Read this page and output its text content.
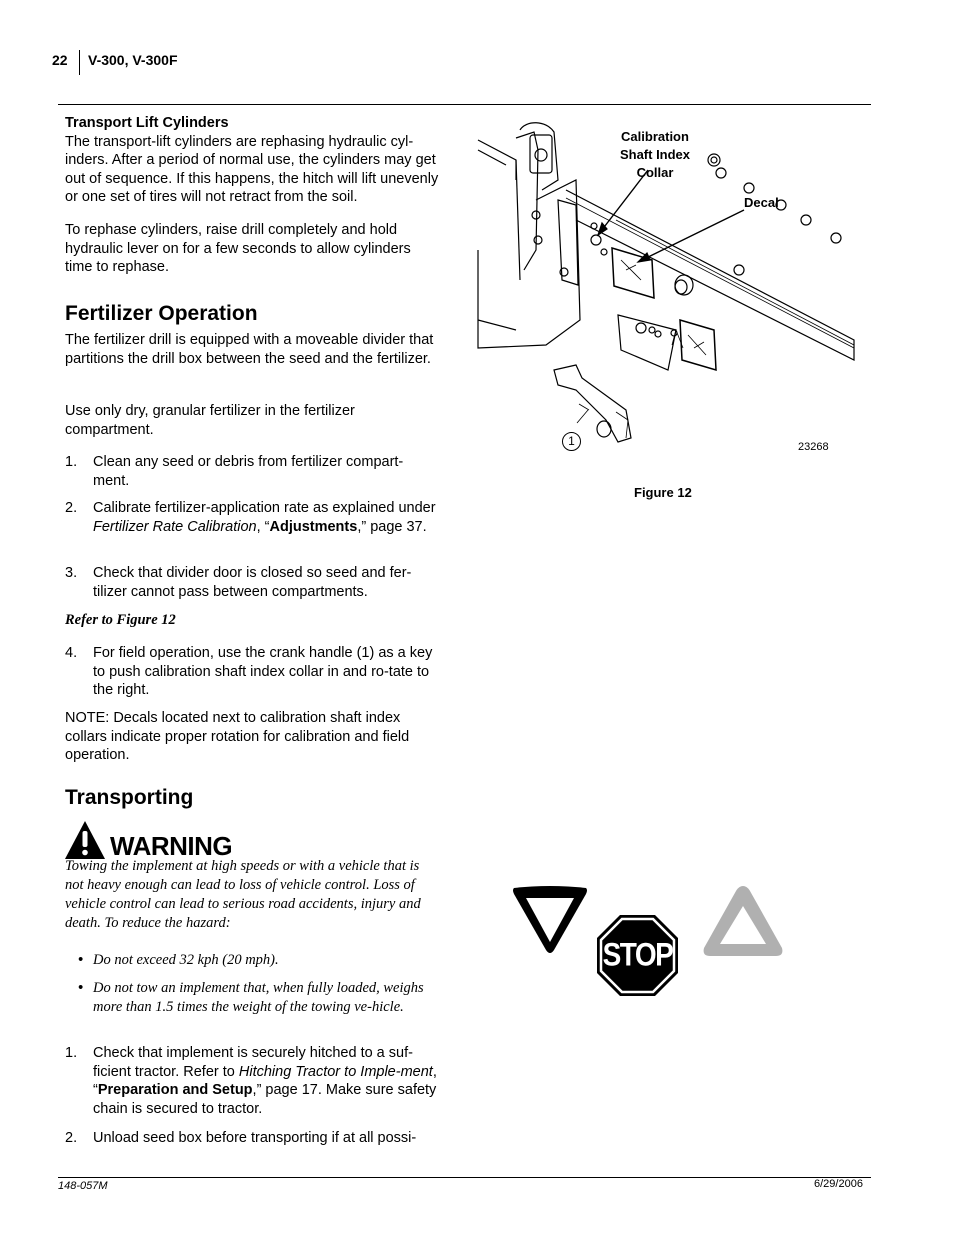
22 V-300, V-300F
Transport Lift Cylinders
The transport-lift cylinders are rephasing hydraulic cyl-inders. After a period of normal use, the cylinders may get out of sequence. If this happens, the hitch will lift unevenly or one set of tires will not retract from the soil.
To rephase cylinders, raise drill completely and hold hydraulic lever on for a few seconds to allow cylinders time to rephase.
Fertilizer Operation
The fertilizer drill is equipped with a moveable divider that partitions the drill box between the seed and the fertilizer.
Use only dry, granular fertilizer in the fertilizer compartment.
1. Clean any seed or debris from fertilizer compart-ment.
2. Calibrate fertilizer-application rate as explained under Fertilizer Rate Calibration, “Adjustments,” page 37.
3. Check that divider door is closed so seed and fer-tilizer cannot pass between compartments.
Refer to Figure 12
4. For field operation, use the crank handle (1) as a key to push calibration shaft index collar in and ro-tate to the right.
NOTE: Decals located next to calibration shaft index collars indicate proper rotation for calibration and field operation.
Transporting
WARNING
Towing the implement at high speeds or with a vehicle that is not heavy enough can lead to loss of vehicle control. Loss of vehicle control can lead to serious road accidents, injury and death. To reduce the hazard:
• Do not exceed 32 kph (20 mph).
• Do not tow an implement that, when fully loaded, weighs more than 1.5 times the weight of the towing ve-hicle.
1. Check that implement is securely hitched to a suf-ficient tractor. Refer to Hitching Tractor to Imple-ment, “Preparation and Setup,” page 17. Make sure safety chain is secured to tractor.
2. Unload seed box before transporting if at all possi-
Calibration Shaft Index Collar
Decal
1	23268
Figure 12
STOP
148-057M	6/29/2006
